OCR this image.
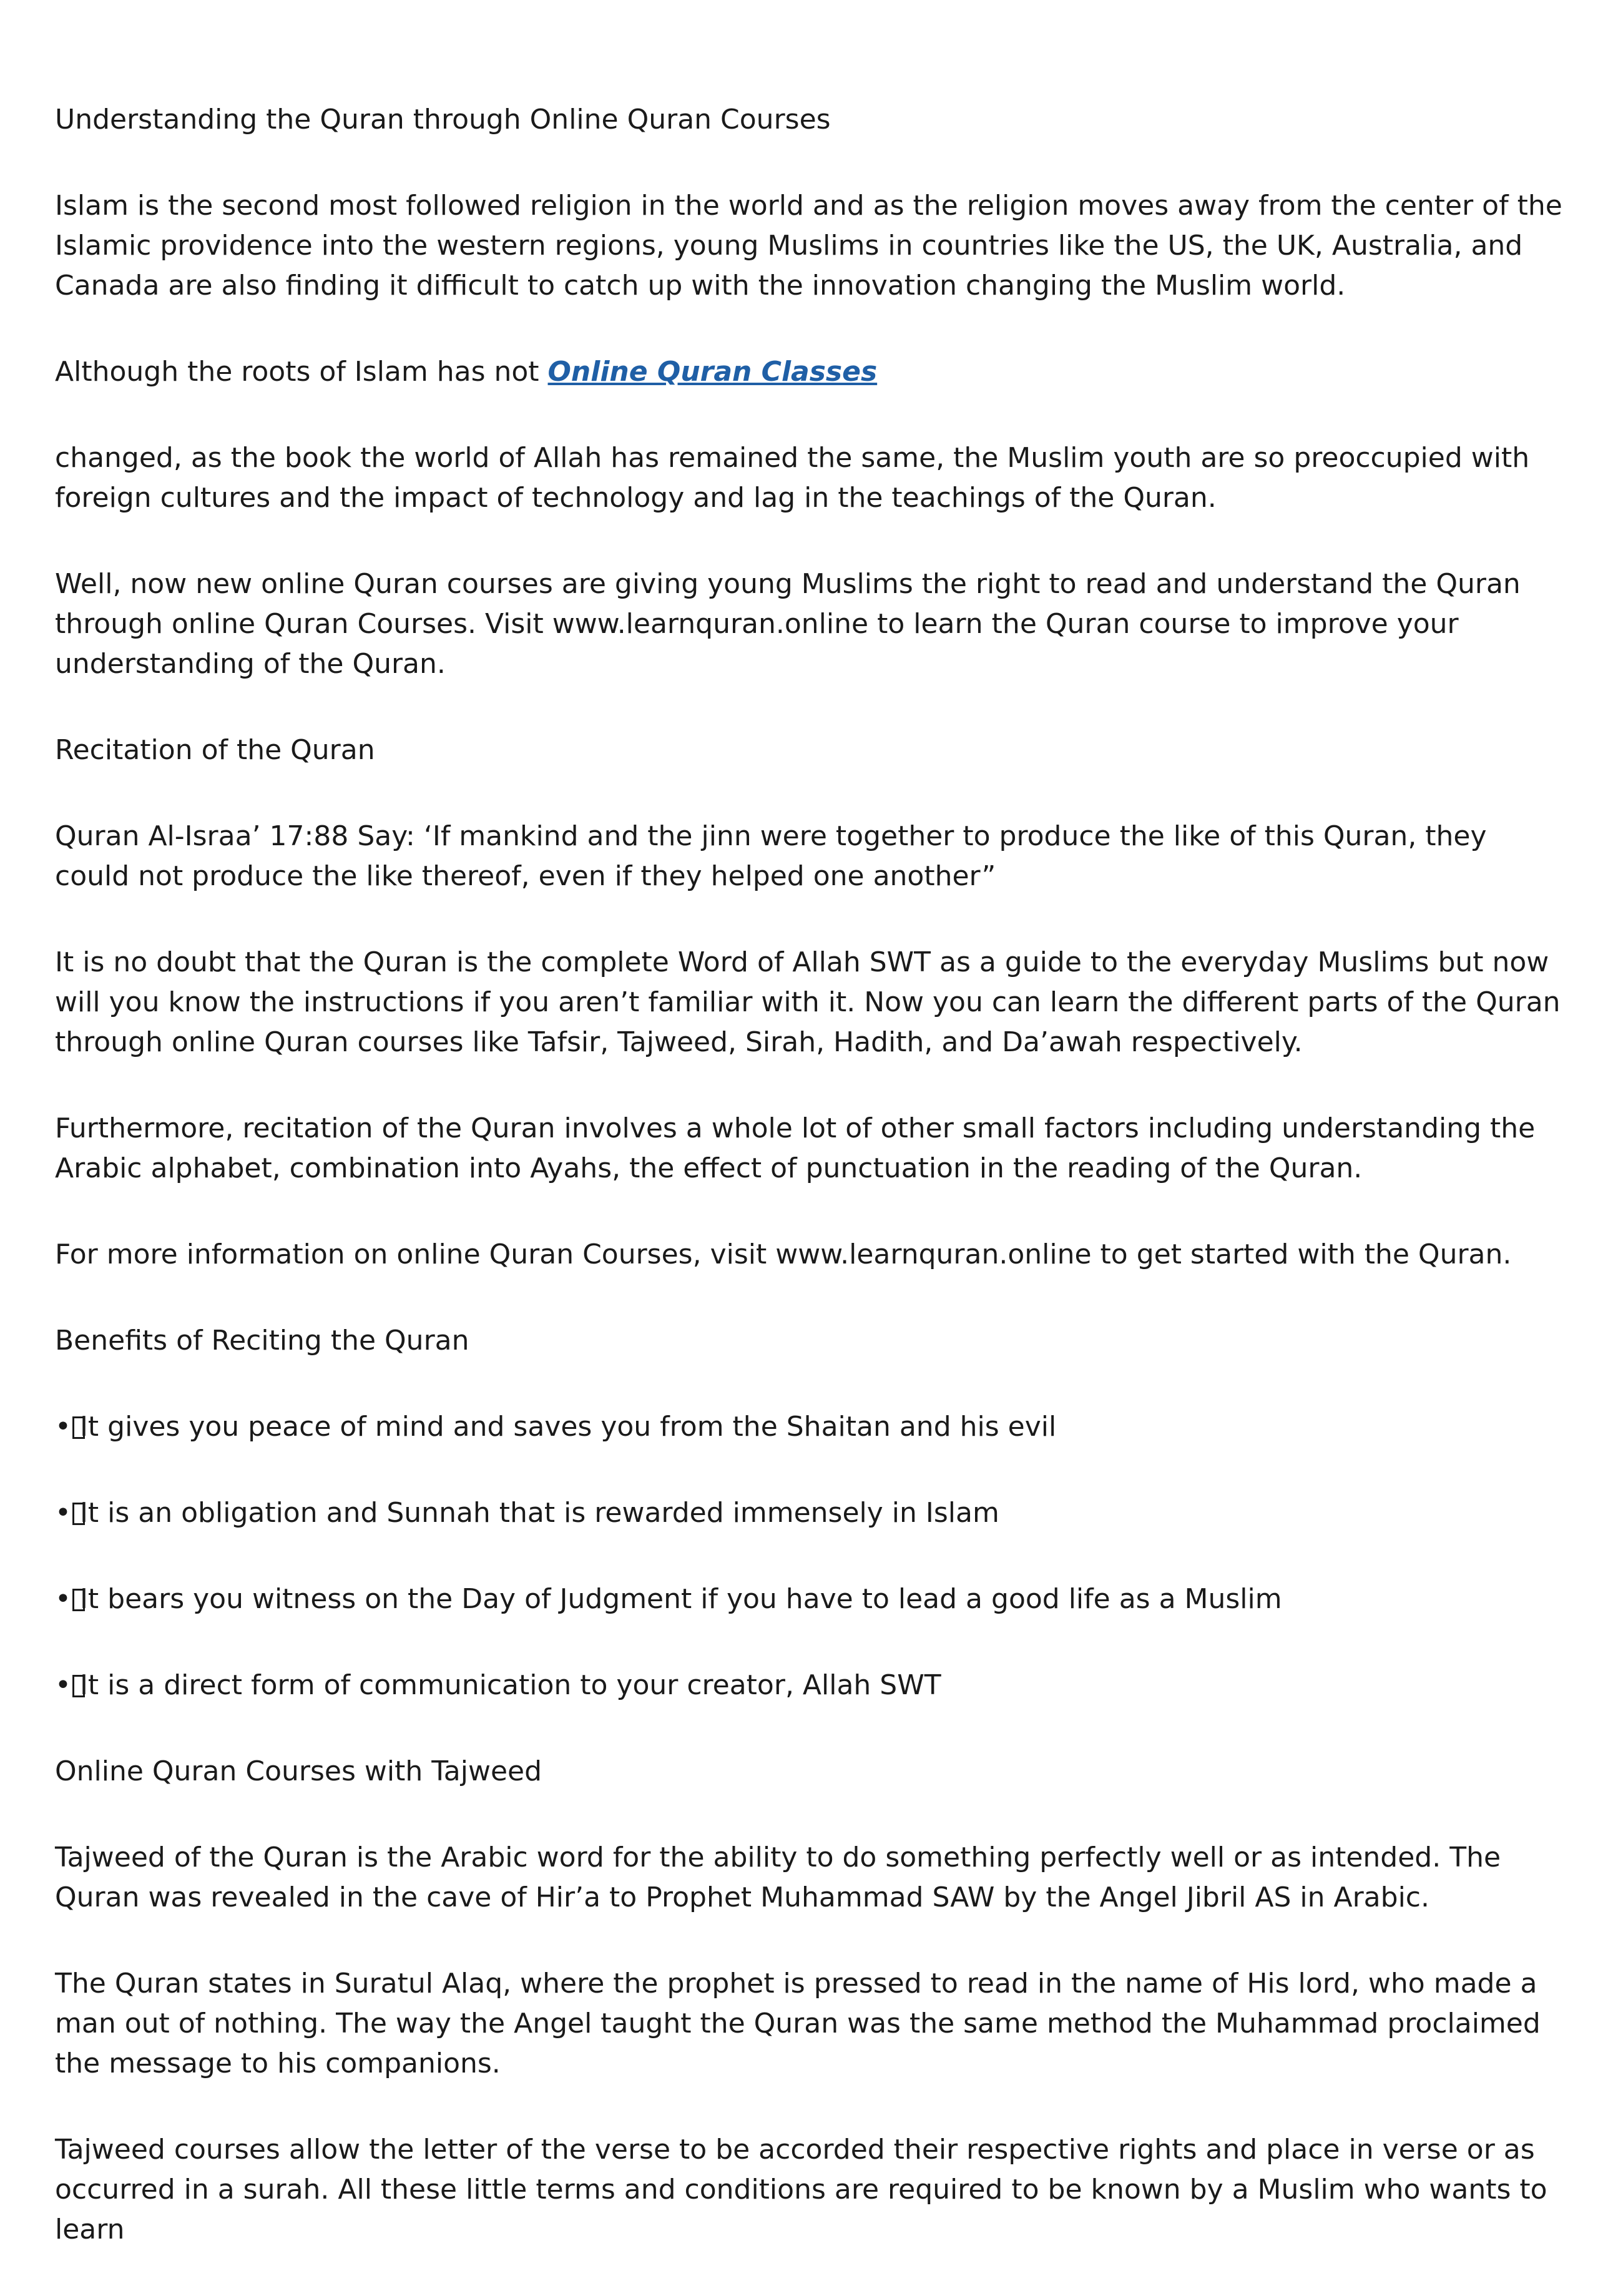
Understanding the Quran through Online Quran Courses

Islam is the second most followed religion in the world and as the religion moves away from the center of the Islamic providence into the western regions, young Muslims in countries like the US, the UK, Australia, and Canada are also finding it difficult to catch up with the innovation changing the Muslim world.

Although the roots of Islam has not Online Quran Classes

changed, as the book the world of Allah has remained the same, the Muslim youth are so preoccupied with foreign cultures and the impact of technology and lag in the teachings of the Quran.

Well, now new online Quran courses are giving young Muslims the right to read and understand the Quran through online Quran Courses. Visit www.learnquran.online to learn the Quran course to improve your understanding of the Quran.

Recitation of the Quran

Quran Al-Israa’ 17:88 Say: ‘If mankind and the jinn were together to produce the like of this Quran, they could not produce the like thereof, even if they helped one another”

It is no doubt that the Quran is the complete Word of Allah SWT as a guide to the everyday Muslims but now will you know the instructions if you aren’t familiar with it. Now you can learn the different parts of the Quran through online Quran courses like Tafsir, Tajweed, Sirah, Hadith, and Da’awah respectively.

Furthermore, recitation of the Quran involves a whole lot of other small factors including understanding the Arabic alphabet, combination into Ayahs, the effect of punctuation in the reading of the Quran.

For more information on online Quran Courses, visit www.learnquran.online to get started with the Quran.

Benefits of Reciting the Quran

• It gives you peace of mind and saves you from the Shaitan and his evil
• It is an obligation and Sunnah that is rewarded immensely in Islam
• It bears you witness on the Day of Judgment if you have to lead a good life as a Muslim
• It is a direct form of communication to your creator, Allah SWT

Online Quran Courses with Tajweed

Tajweed of the Quran is the Arabic word for the ability to do something perfectly well or as intended. The Quran was revealed in the cave of Hir’a to Prophet Muhammad SAW by the Angel Jibril AS in Arabic.

The Quran states in Suratul Alaq, where the prophet is pressed to read in the name of His lord, who made a man out of nothing. The way the Angel taught the Quran was the same method the Muhammad proclaimed the message to his companions.

Tajweed courses allow the letter of the verse to be accorded their respective rights and place in verse or as occurred in a surah. All these little terms and conditions are required to be known by a Muslim who wants to learn
